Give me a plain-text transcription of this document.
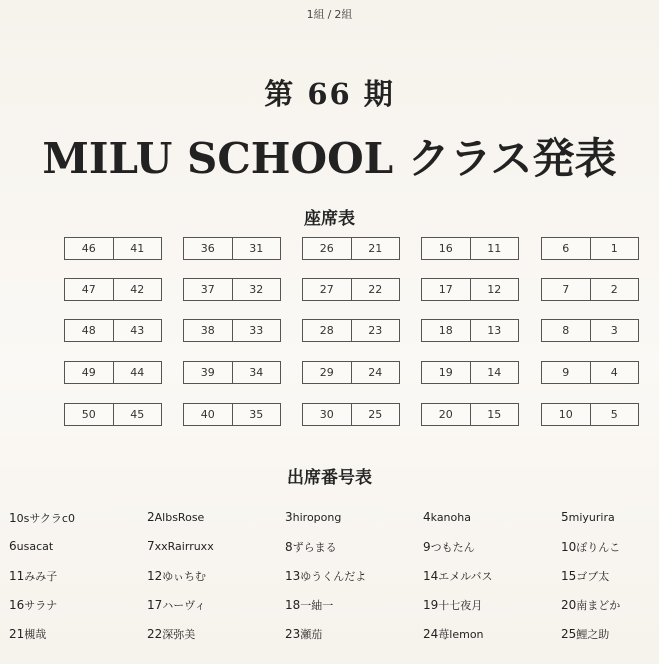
1組 / 2組
第 66 期
MILU SCHOOL クラス発表
座席表
46	41
47	42
48	43
49	44
50	45
36	31
37	32
38	33
39	34
40	35
26	21
27	22
28	23
29	24
30	25
16	11
17	12
18	13
19	14
20	15
6	1
7	2
8	3
9	4
10	5
出席番号表
10sサクラc0	2AlbsRose	3hiropong	4kanoha	5miyurira
6usacat	7xxRairruxx	8ずらまる	9つもたん	10ぽりんこ
11みみ子	12ゆぃちむ	13ゆうくんだよ	14エメルバス	15ゴブ太
16サラナ	17ハーヴィ	18一紬一	19十七夜月	20南まどか
21槻哉	22深弥美	23瀬茄	24苺lemon	25鯉之助
